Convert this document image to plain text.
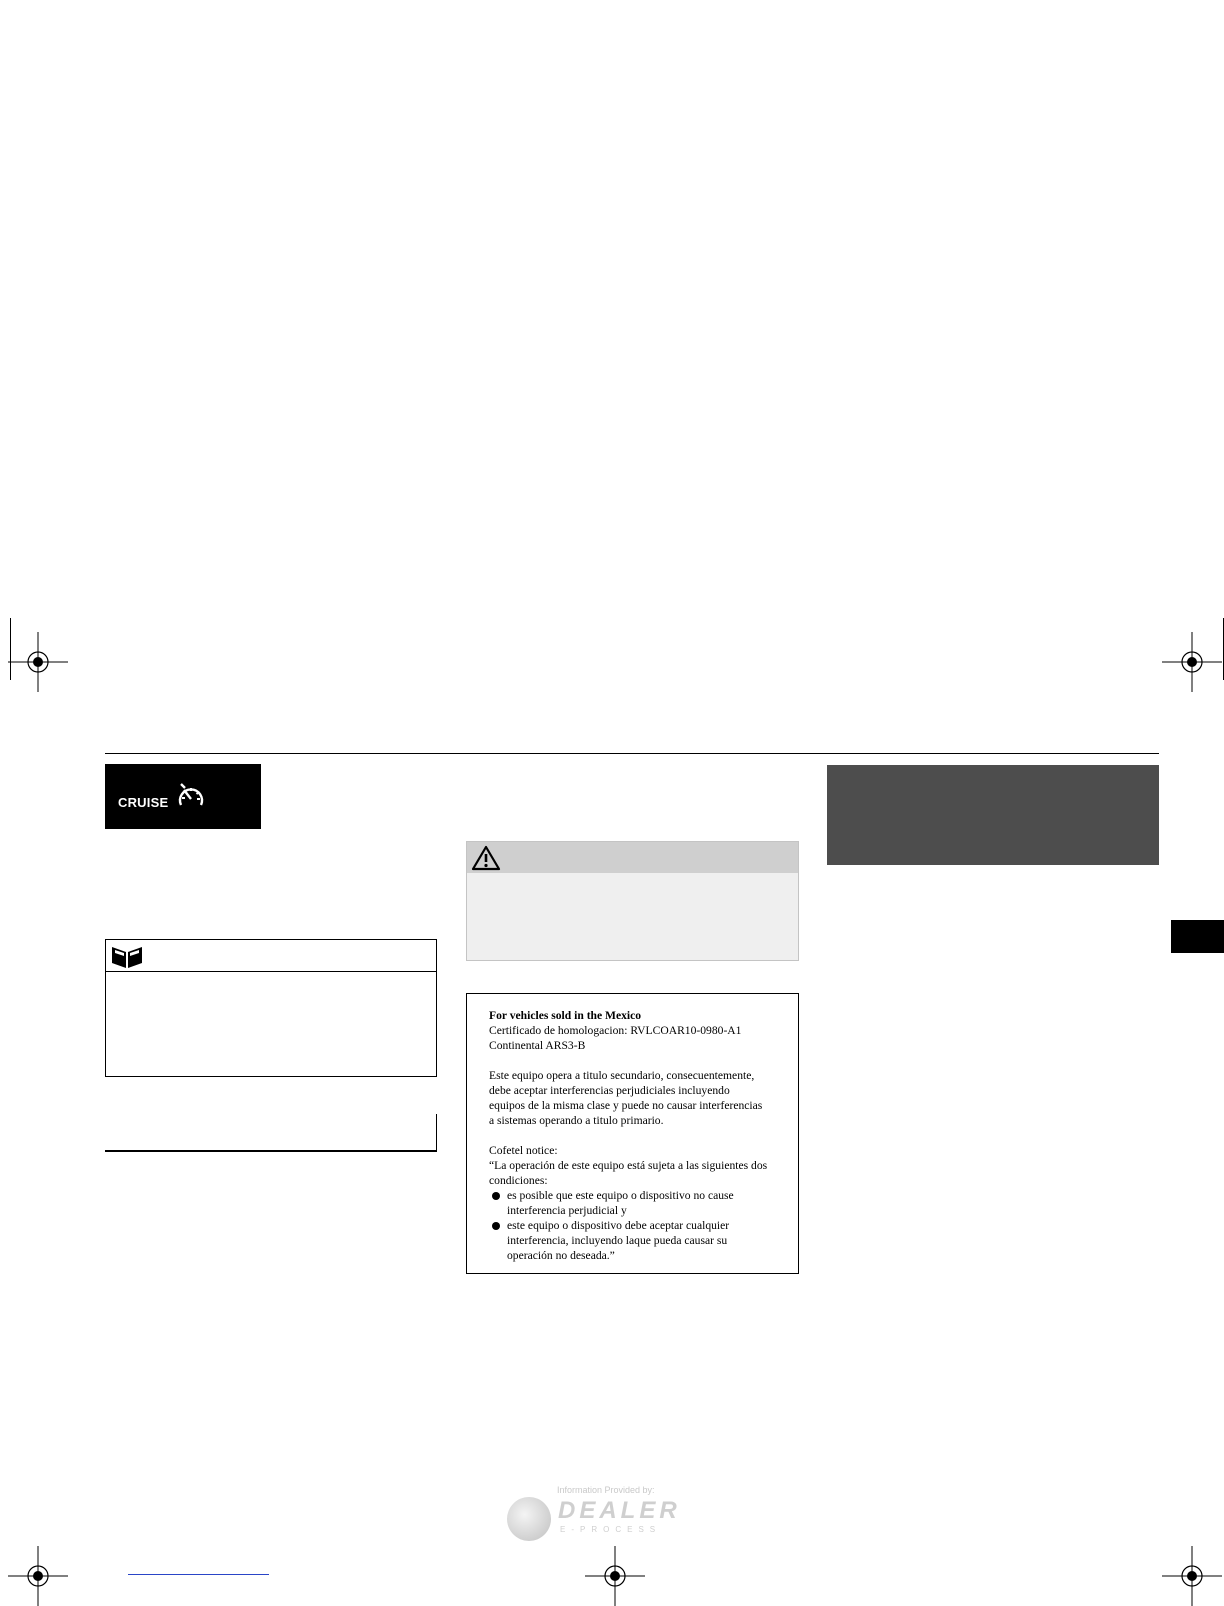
CRUISE
For vehicles sold in the Mexico
Certificado de homologacion: RVLCOAR10-0980-A1
Continental ARS3-B
Este equipo opera a titulo secundario, consecuentemente,
debe aceptar interferencias perjudiciales incluyendo
equipos de la misma clase y puede no causar interferencias
a sistemas operando a titulo primario.
Cofetel notice:
“La operación de este equipo está sujeta a las siguientes dos
condiciones:
es posible que este equipo o dispositivo no cause
interferencia perjudicial y
este equipo o dispositivo debe aceptar cualquier
interferencia, incluyendo laque pueda causar su
operación no deseada.”
Information Provided by:
DEALER
E-PROCESS
